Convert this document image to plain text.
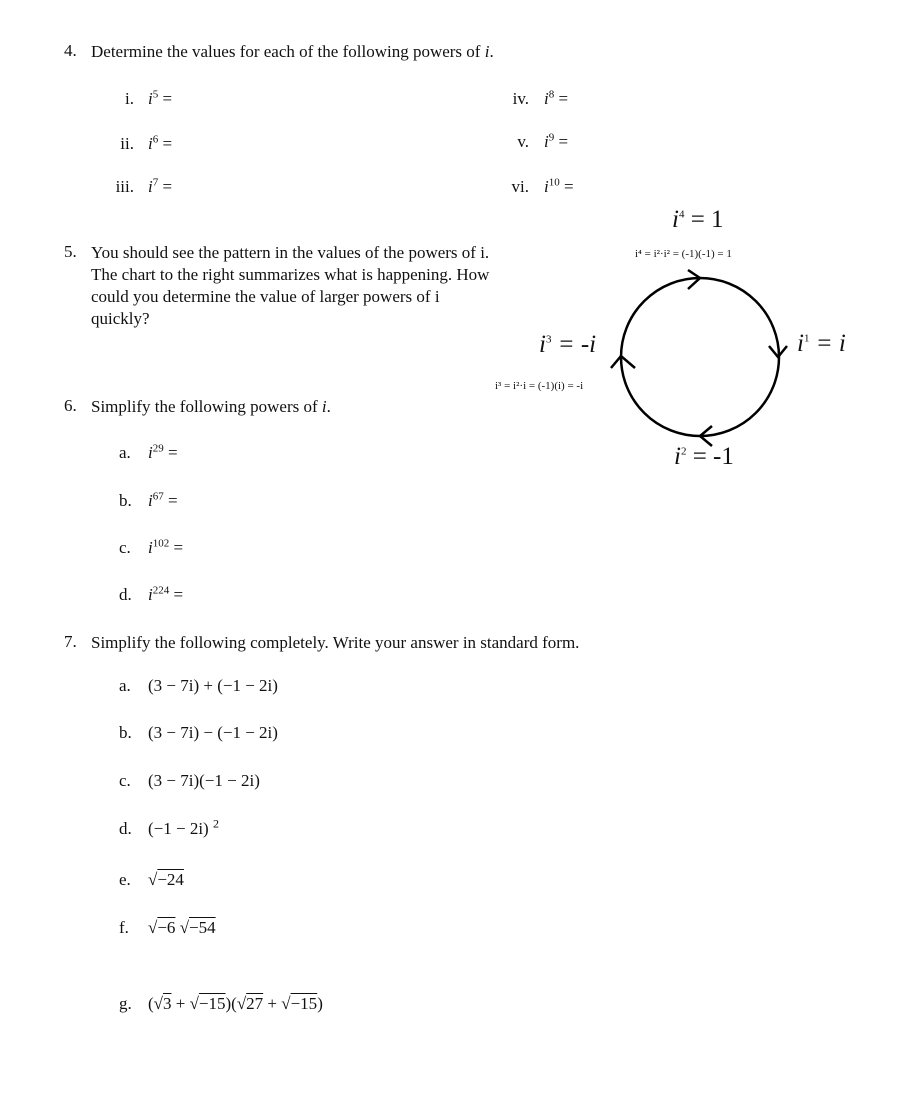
4. Determine the values for each of the following powers of i.
i. $i^5$ =
ii. $i^6$ =
iii. $i^7$ =
iv. $i^8$ =
v. $i^9$ =
vi. $i^{10}$ =
5. You should see the pattern in the values of the powers of i.
The chart to the right summarizes what is happening. How
could you determine the value of larger powers of i
quickly?
$i^4 = 1$
i⁴ = i²·i² = (-1)(-1) = 1
$i^1 = i$
$i^2 = -1$
$i^3 = -i$
i³ = i²·i = (-1)(i) = -i
6. Simplify the following powers of i.
a. $i^{29}$ =
b. $i^{67}$ =
c. $i^{102}$ =
d. $i^{224}$ =
7. Simplify the following completely. Write your answer in standard form.
a. (3 − 7i) + (−1 − 2i)
b. (3 − 7i) − (−1 − 2i)
c. (3 − 7i)(−1 − 2i)
d. (−1 − 2i) $^2$
e. √−24
f. √−6 √−54
g. (√3 + √−15)(√27 + √−15)
